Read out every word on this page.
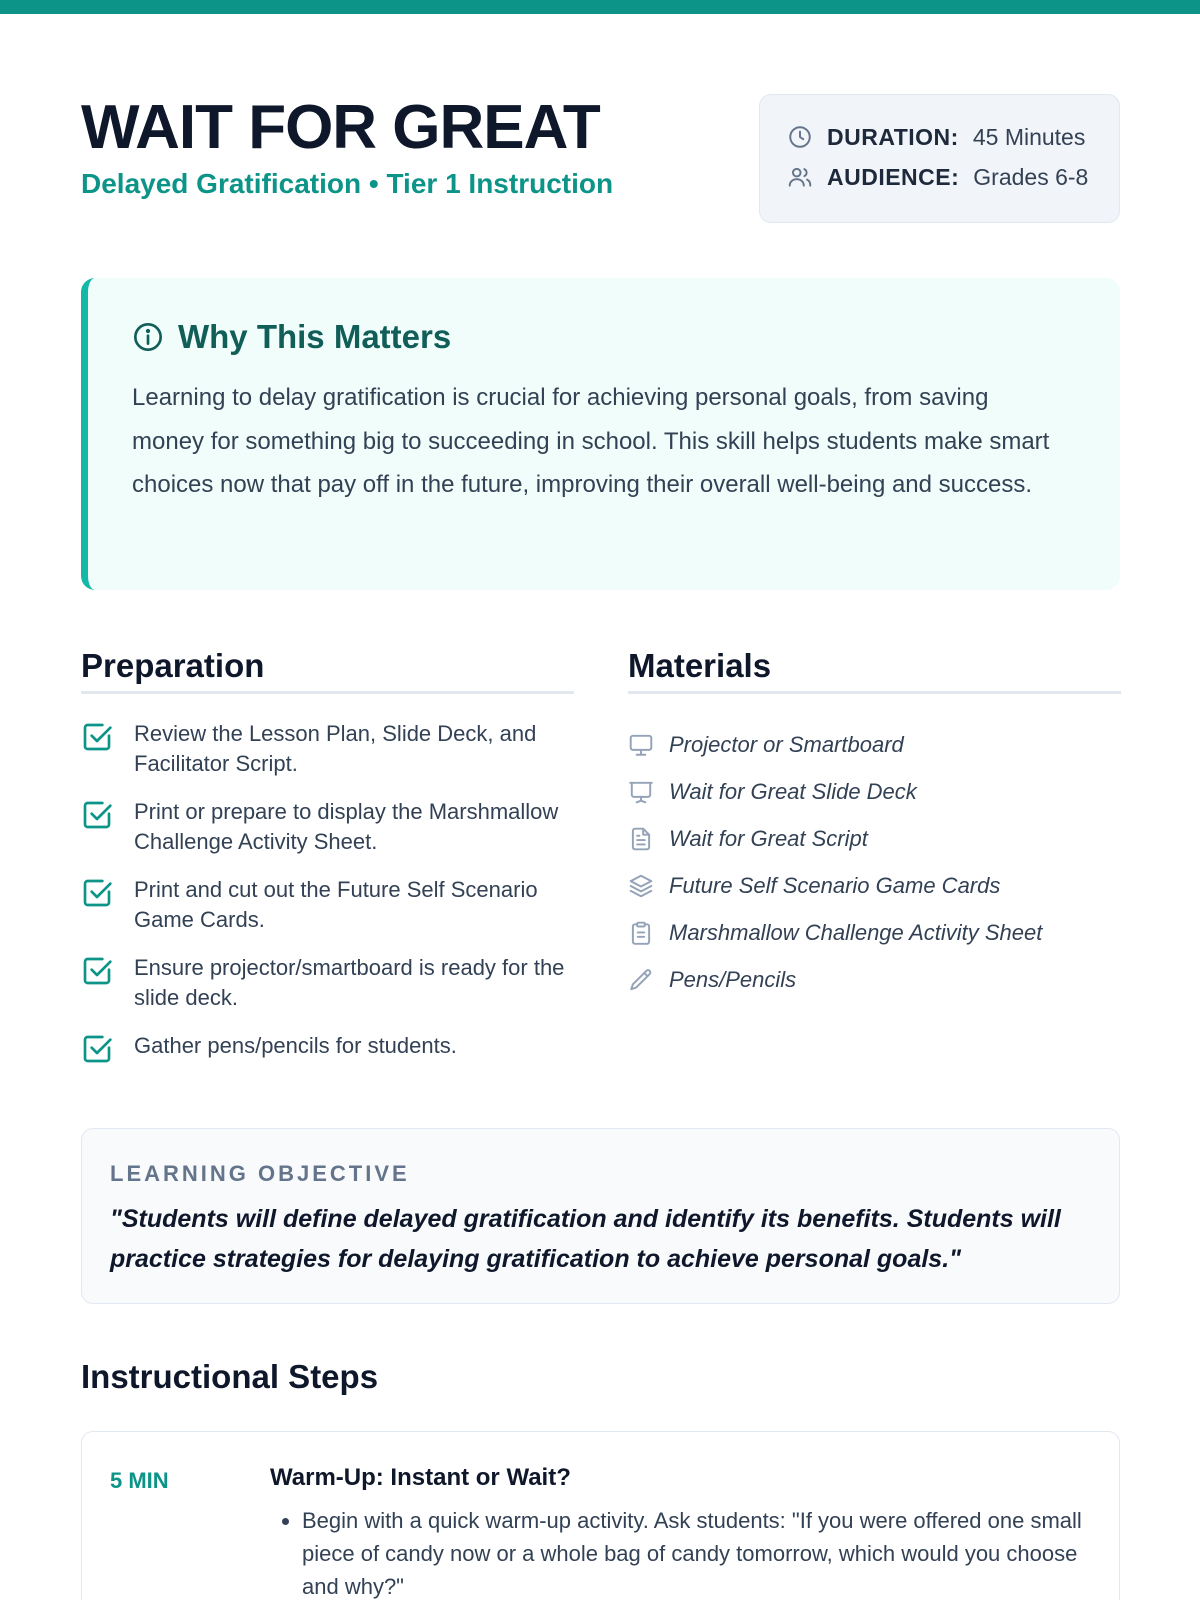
WAIT FOR GREAT
Delayed Gratification • Tier 1 Instruction
DURATION: 45 Minutes
AUDIENCE: Grades 6-8
Why This Matters

Learning to delay gratification is crucial for achieving personal goals, from saving money for something big to succeeding in school. This skill helps students make smart choices now that pay off in the future, improving their overall well-being and success.

Preparation
Review the Lesson Plan, Slide Deck, and Facilitator Script.
Print or prepare to display the Marshmallow Challenge Activity Sheet.
Print and cut out the Future Self Scenario Game Cards.
Ensure projector/smartboard is ready for the slide deck.
Gather pens/pencils for students.
Materials
Projector or Smartboard
Wait for Great Slide Deck
Wait for Great Script
Future Self Scenario Game Cards
Marshmallow Challenge Activity Sheet
Pens/Pencils
LEARNING OBJECTIVE

"Students will define delayed gratification and identify its benefits. Students will practice strategies for delaying gratification to achieve personal goals."

Instructional Steps
5 MIN	Warm-Up: Instant or Wait?
• Begin with a quick warm-up activity. Ask students: "If you were offered one small piece of candy now or a whole bag of candy tomorrow, which would you choose and why?"
